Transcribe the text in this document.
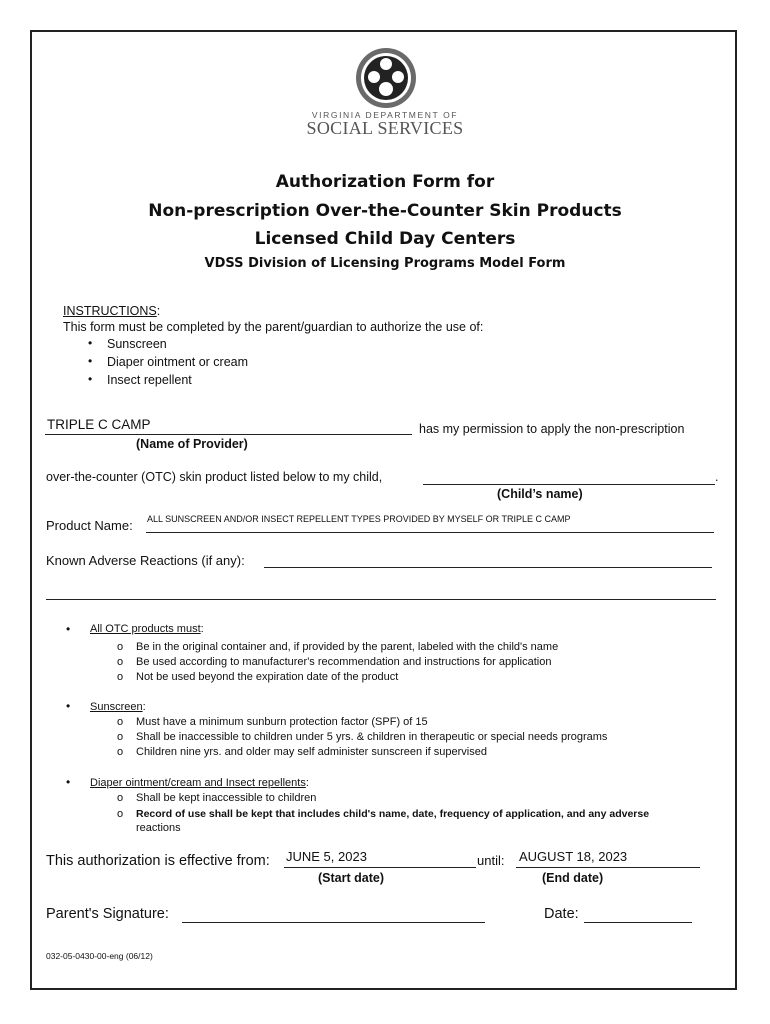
VIRGINIA DEPARTMENT OF
SOCIAL SERVICES
Authorization Form for
Non-prescription Over-the-Counter Skin Products
Licensed Child Day Centers
VDSS Division of Licensing Programs Model Form
INSTRUCTIONS:
This form must be completed by the parent/guardian to authorize the use of:
• Sunscreen
• Diaper ointment or cream
• Insect repellent
TRIPLE C CAMP
(Name of Provider)
has my permission to apply the non-prescription
over-the-counter (OTC) skin product listed below to my child,	.
(Child’s name)
Product Name: ALL SUNSCREEN AND/OR INSECT REPELLENT TYPES PROVIDED BY MYSELF OR TRIPLE C CAMP
Known Adverse Reactions (if any):
• All OTC products must:
o Be in the original container and, if provided by the parent, labeled with the child's name
o Be used according to manufacturer's recommendation and instructions for application
o Not be used beyond the expiration date of the product
• Sunscreen:
o Must have a minimum sunburn protection factor (SPF) of 15
o Shall be inaccessible to children under 5 yrs. & children in therapeutic or special needs programs
o Children nine yrs. and older may self administer sunscreen if supervised
• Diaper ointment/cream and Insect repellents:
o Shall be kept inaccessible to children
o Record of use shall be kept that includes child's name, date, frequency of application, and any adverse
reactions
This authorization is effective from: JUNE 5, 2023
(Start date)
until: AUGUST 18, 2023
(End date)
Parent's Signature:	Date:
032-05-0430-00-eng (06/12)
